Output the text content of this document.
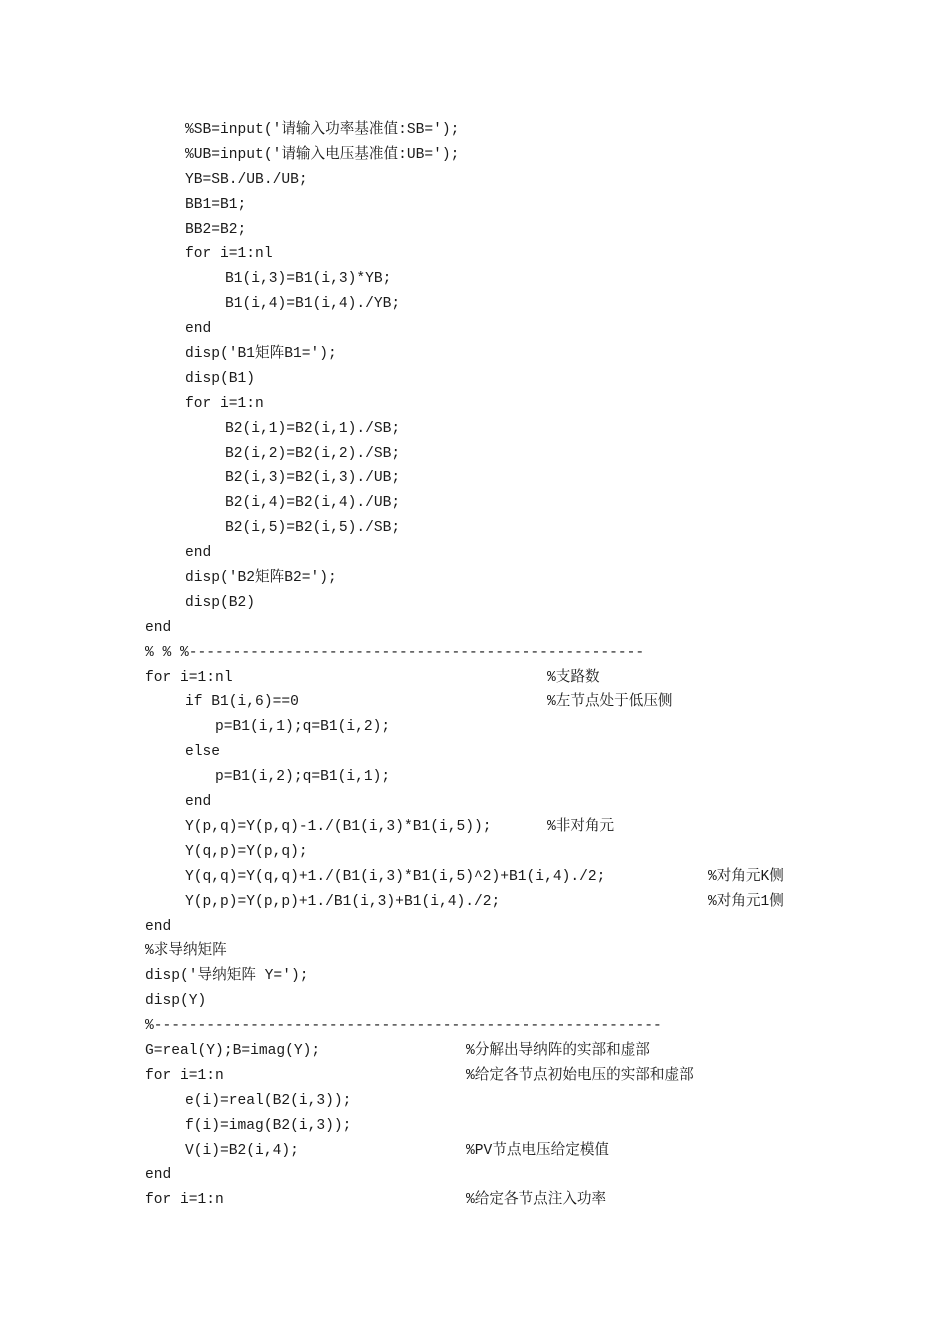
%SB=input('请输入功率基准值:SB=');
%UB=input('请输入电压基准值:UB=');
YB=SB./UB./UB;
BB1=B1;
BB2=B2;
for i=1:nl
B1(i,3)=B1(i,3)*YB;
B1(i,4)=B1(i,4)./YB;
end
disp('B1矩阵B1=');
disp(B1)
for i=1:n
B2(i,1)=B2(i,1)./SB;
B2(i,2)=B2(i,2)./SB;
B2(i,3)=B2(i,3)./UB;
B2(i,4)=B2(i,4)./UB;
B2(i,5)=B2(i,5)./SB;
end
disp('B2矩阵B2=');
disp(B2)
end
% % %----------------------------------------------------
for i=1:nl	%支路数
if B1(i,6)==0	%左节点处于低压侧
p=B1(i,1);q=B1(i,2);
else
p=B1(i,2);q=B1(i,1);
end
Y(p,q)=Y(p,q)-1./(B1(i,3)*B1(i,5));	%非对角元
Y(q,p)=Y(p,q);
Y(q,q)=Y(q,q)+1./(B1(i,3)*B1(i,5)^2)+B1(i,4)./2;	%对角元K侧
Y(p,p)=Y(p,p)+1./B1(i,3)+B1(i,4)./2;	%对角元1侧
end
%求导纳矩阵
disp('导纳矩阵 Y=');
disp(Y)
%----------------------------------------------------------
G=real(Y);B=imag(Y);	%分解出导纳阵的实部和虚部
for i=1:n	%给定各节点初始电压的实部和虚部
e(i)=real(B2(i,3));
f(i)=imag(B2(i,3));
V(i)=B2(i,4);	%PV节点电压给定模值
end
for i=1:n	%给定各节点注入功率
